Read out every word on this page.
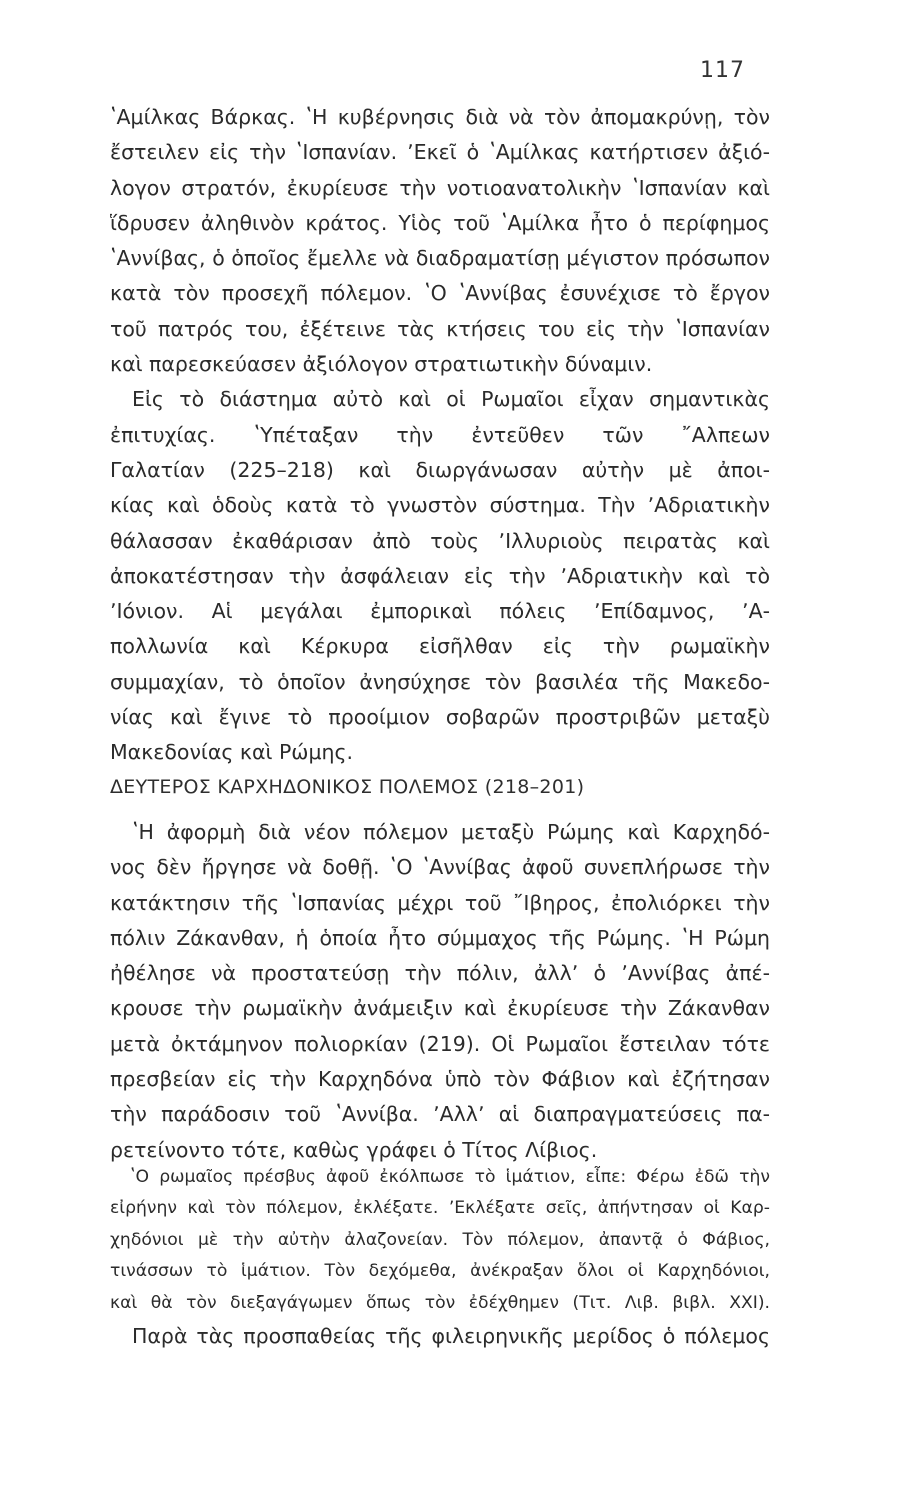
117
ʽΑμίλκας Βάρκας. ʽΗ κυβέρνησις διὰ νὰ τὸν ἀπομακρύνῃ, τὸν
ἔστειλεν εἰς τὴν ʽΙσπανίαν. ʼΕκεῖ ὁ ʽΑμίλκας κατήρτισεν ἀξιό-
λογον στρατόν, ἐκυρίευσε τὴν νοτιοανατολικὴν ʽΙσπανίαν καὶ
ἵδρυσεν ἀληθινὸν κράτος. Υἱὸς τοῦ ʽΑμίλκα ἦτο ὁ περίφημος
ʽΑννίβας, ὁ ὁποῖος ἔμελλε νὰ διαδραματίσῃ μέγιστον πρόσωπον
κατὰ τὸν προσεχῆ πόλεμον. ʽΟ ʽΑννίβας ἐσυνέχισε τὸ ἔργον
τοῦ πατρός του, ἐξέτεινε τὰς κτήσεις του εἰς τὴν ʽΙσπανίαν
καὶ παρεσκεύασεν ἀξιόλογον στρατιωτικὴν δύναμιν.
Εἰς τὸ διάστημα αὐτὸ καὶ οἱ Ρωμαῖοι εἶχαν σημαντικὰς
ἐπιτυχίας. ʽΥπέταξαν τὴν ἐντεῦθεν τῶν ῎Αλπεων
Γαλατίαν (225–218) καὶ διωργάνωσαν αὐτὴν μὲ ἀποι-
κίας καὶ ὁδοὺς κατὰ τὸ γνωστὸν σύστημα. Τὴν ʼΑδριατικὴν
θάλασσαν ἐκαθάρισαν ἀπὸ τοὺς ʼΙλλυριοὺς πειρατὰς καὶ
ἀποκατέστησαν τὴν ἀσφάλειαν εἰς τὴν ʼΑδριατικὴν καὶ τὸ
ʼΙόνιον. Αἱ μεγάλαι ἐμπορικαὶ πόλεις ʼΕπίδαμνος, ʼΑ-
πολλωνία καὶ Κέρκυρα εἰσῆλθαν εἰς τὴν ρωμαϊκὴν
συμμαχίαν, τὸ ὁποῖον ἀνησύχησε τὸν βασιλέα τῆς Μακεδο-
νίας καὶ ἔγινε τὸ προοίμιον σοβαρῶν προστριβῶν μεταξὺ
Μακεδονίας καὶ Ρώμης.
ΔΕΥΤΕΡΟΣ ΚΑΡΧΗΔΟΝΙΚΟΣ ΠΟΛΕΜΟΣ (218–201)
ʽΗ ἀφορμὴ διὰ νέον πόλεμον μεταξὺ Ρώμης καὶ Καρχηδό-
νος δὲν ἤργησε νὰ δοθῇ. ʽΟ ʽΑννίβας ἀφοῦ συνεπλήρωσε τὴν
κατάκτησιν τῆς ʽΙσπανίας μέχρι τοῦ ῎Ιβηρος, ἐπολιόρκει τὴν
πόλιν Ζάκανθαν, ἡ ὁποία ἦτο σύμμαχος τῆς Ρώμης. ʽΗ Ρώμη
ἠθέλησε νὰ προστατεύσῃ τὴν πόλιν, ἀλλʼ ὁ ʼΑννίβας ἀπέ-
κρουσε τὴν ρωμαϊκὴν ἀνάμειξιν καὶ ἐκυρίευσε τὴν Ζάκανθαν
μετὰ ὀκτάμηνον πολιορκίαν (219). Οἱ Ρωμαῖοι ἔστειλαν τότε
πρεσβείαν εἰς τὴν Καρχηδόνα ὑπὸ τὸν Φάβιον καὶ ἐζήτησαν
τὴν παράδοσιν τοῦ ʽΑννίβα. ʼΑλλʼ αἱ διαπραγματεύσεις πα-
ρετείνοντο τότε, καθὼς γράφει ὁ Τίτος Λίβιος.
ʽΟ ρωμαῖος πρέσβυς ἀφοῦ ἐκόλπωσε τὸ ἱμάτιον, εἶπε: Φέρω ἐδῶ τὴν
εἰρήνην καὶ τὸν πόλεμον, ἐκλέξατε. ʼΕκλέξατε σεῖς, ἀπήντησαν οἱ Καρ-
χηδόνιοι μὲ τὴν αὐτὴν ἀλαζονείαν. Τὸν πόλεμον, ἀπαντᾷ ὁ Φάβιος,
τινάσσων τὸ ἱμάτιον. Τὸν δεχόμεθα, ἀνέκραξαν ὅλοι οἱ Καρχηδόνιοι,
καὶ θὰ τὸν διεξαγάγωμεν ὅπως τὸν ἐδέχθημεν (Τιτ. Λιβ. βιβλ. XXI).
Παρὰ τὰς προσπαθείας τῆς φιλειρηνικῆς μερίδος ὁ πόλεμος
